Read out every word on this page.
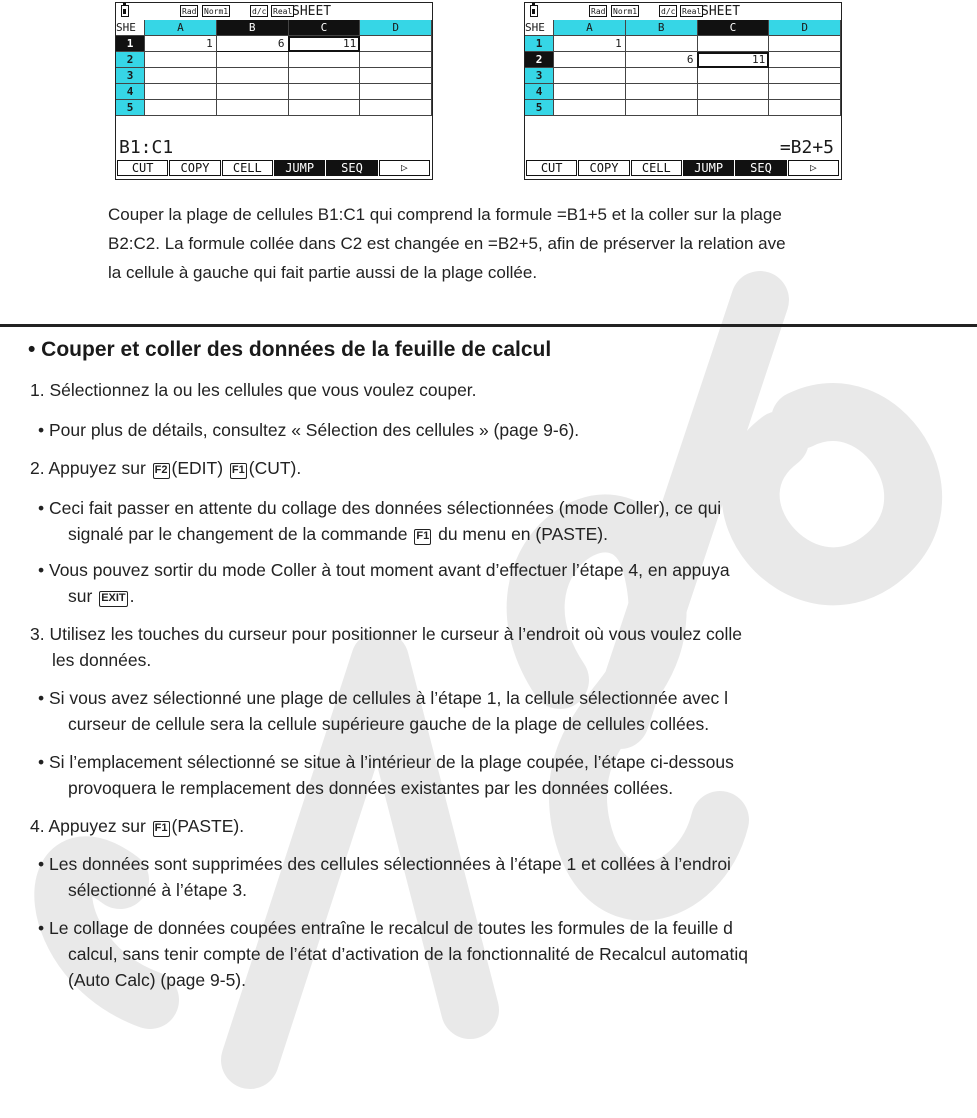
Rad Norm1	d/c Real SHEET
SHE	A	B	C	D
1	1	6	11	
2				
3				
4				
5				
B1:C1
CUT	COPY	CELL	JUMP	SEQ	▷
Rad Norm1	d/c Real SHEET
SHE	A	B	C	D
1	1			
2		6	11	
3				
4				
5				
=B2+5
CUT	COPY	CELL	JUMP	SEQ	▷

Couper la plage de cellules B1:C1 qui comprend la formule =B1+5 et la coller sur la plage

B2:C2. La formule collée dans C2 est changée en =B2+5, afin de préserver la relation ave

la cellule à gauche qui fait partie aussi de la plage collée.

• Couper et coller des données de la feuille de calcul
1. Sélectionnez la ou les cellules que vous voulez couper.
• Pour plus de détails, consultez « Sélection des cellules » (page 9-6).
2. Appuyez sur F2 (EDIT) F1 (CUT).
• Ceci fait passer en attente du collage des données sélectionnées (mode Coller), ce qui
signalé par le changement de la commande F1 du menu en (PASTE).
• Vous pouvez sortir du mode Coller à tout moment avant d’effectuer l’étape 4, en appuya
sur EXIT .
3. Utilisez les touches du curseur pour positionner le curseur à l’endroit où vous voulez colle
les données.
• Si vous avez sélectionné une plage de cellules à l’étape 1, la cellule sélectionnée avec l
curseur de cellule sera la cellule supérieure gauche de la plage de cellules collées.
• Si l’emplacement sélectionné se situe à l’intérieur de la plage coupée, l’étape ci-dessous
provoquera le remplacement des données existantes par les données collées.
4. Appuyez sur F1 (PASTE).
• Les données sont supprimées des cellules sélectionnées à l’étape 1 et collées à l’endroi
sélectionné à l’étape 3.
• Le collage de données coupées entraîne le recalcul de toutes les formules de la feuille d
calcul, sans tenir compte de l’état d’activation de la fonctionnalité de Recalcul automatiq
(Auto Calc) (page 9-5).
